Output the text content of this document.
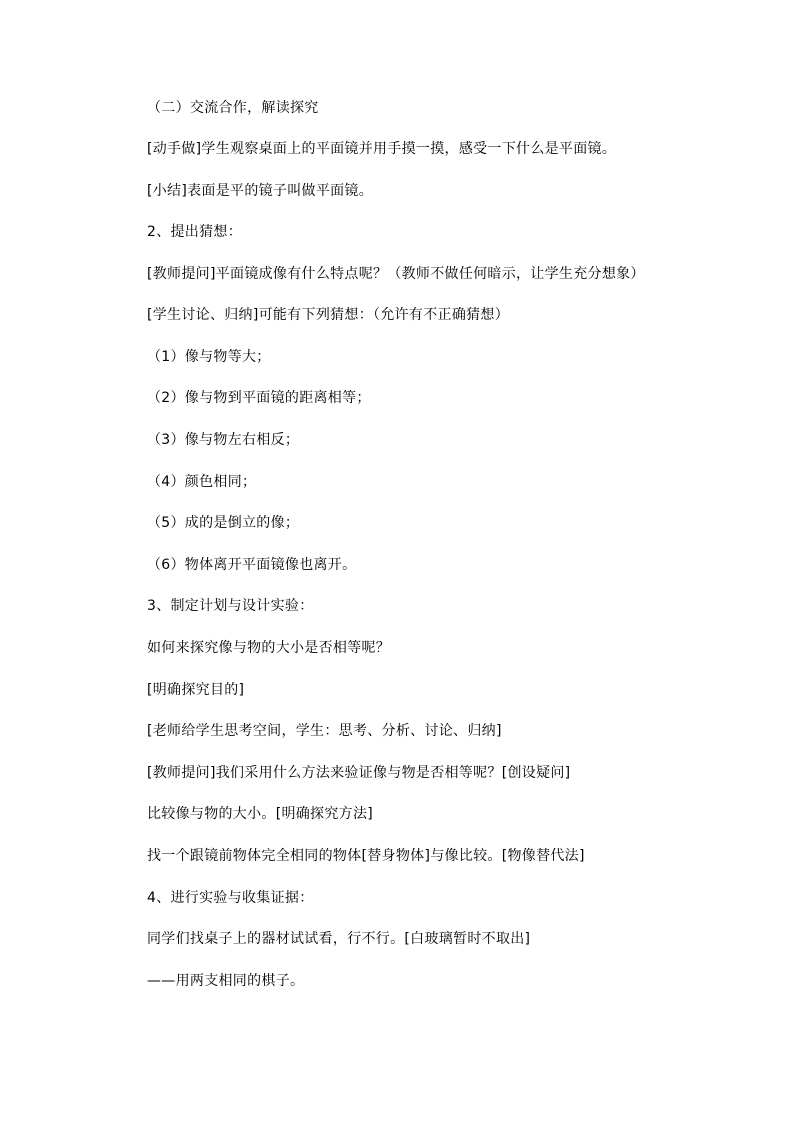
（二）交流合作，解读探究

[动手做]学生观察桌面上的平面镜并用手摸一摸，感受一下什么是平面镜。

[小结]表面是平的镜子叫做平面镜。

2、提出猜想：

[教师提问]平面镜成像有什么特点呢？（教师不做任何暗示，让学生充分想象）

[学生讨论、归纳]可能有下列猜想：（允许有不正确猜想）

（1）像与物等大；

（2）像与物到平面镜的距离相等；

（3）像与物左右相反；

（4）颜色相同；

（5）成的是倒立的像；

（6）物体离开平面镜像也离开。

3、制定计划与设计实验：

如何来探究像与物的大小是否相等呢？

[明确探究目的]

[老师给学生思考空间，学生：思考、分析、讨论、归纳]

[教师提问]我们采用什么方法来验证像与物是否相等呢？[创设疑问]

比较像与物的大小。[明确探究方法]

找一个跟镜前物体完全相同的物体[替身物体]与像比较。[物像替代法]

4、进行实验与收集证据：

同学们找桌子上的器材试试看，行不行。[白玻璃暂时不取出]

——用两支相同的棋子。
